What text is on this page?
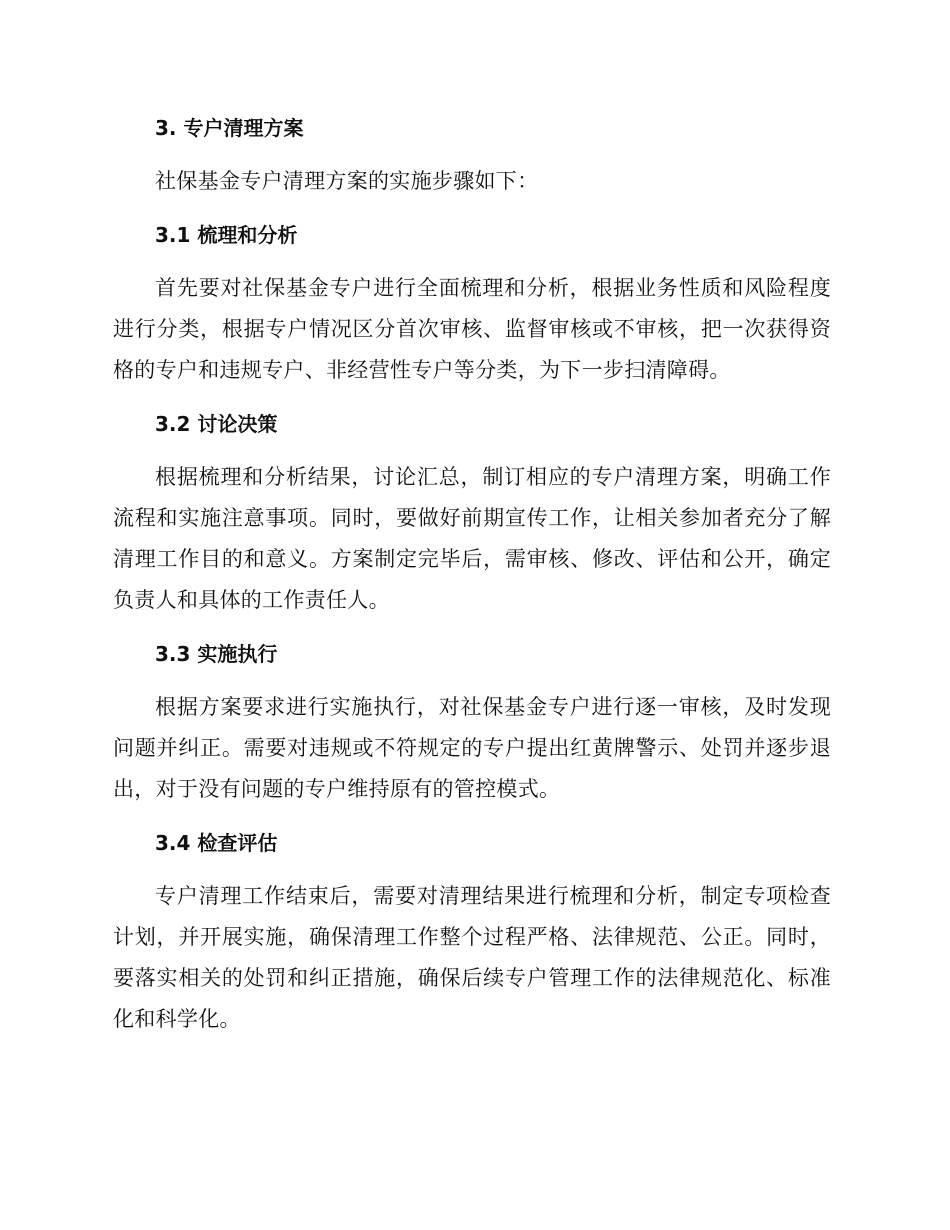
3. 专户清理方案

社保基金专户清理方案的实施步骤如下：

3.1 梳理和分析

首先要对社保基金专户进行全面梳理和分析，根据业务性质和风险程度进行分类，根据专户情况区分首次审核、监督审核或不审核，把一次获得资格的专户和违规专户、非经营性专户等分类，为下一步扫清障碍。

3.2 讨论决策

根据梳理和分析结果，讨论汇总，制订相应的专户清理方案，明确工作流程和实施注意事项。同时，要做好前期宣传工作，让相关参加者充分了解清理工作目的和意义。方案制定完毕后，需审核、修改、评估和公开，确定负责人和具体的工作责任人。

3.3 实施执行

根据方案要求进行实施执行，对社保基金专户进行逐一审核，及时发现问题并纠正。需要对违规或不符规定的专户提出红黄牌警示、处罚并逐步退出，对于没有问题的专户维持原有的管控模式。

3.4 检查评估

专户清理工作结束后，需要对清理结果进行梳理和分析，制定专项检查计划，并开展实施，确保清理工作整个过程严格、法律规范、公正。同时，要落实相关的处罚和纠正措施，确保后续专户管理工作的法律规范化、标准化和科学化。
